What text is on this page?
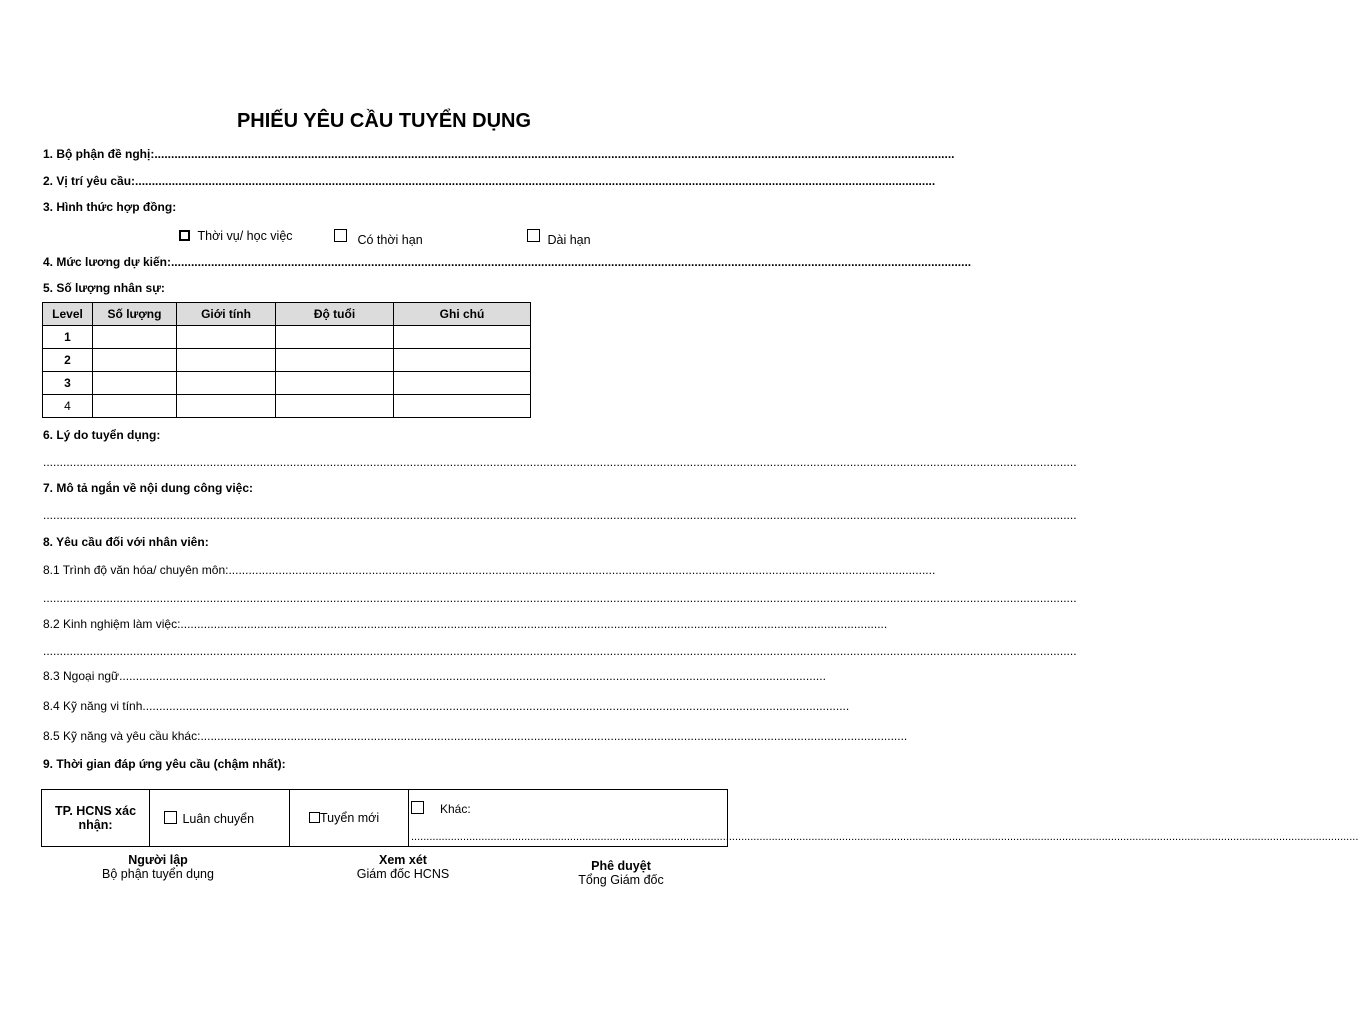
PHIẾU YÊU CẦU TUYỂN DỤNG
1. Bộ phận đề nghị:................................................................................................................................................................................................................................................
2. Vị trí yêu cầu:................................................................................................................................................................................................................................................
3. Hình thức hợp đồng:
Thời vụ/ học việc	Có thời hạn	Dài hạn
4. Mức lương dự kiến:................................................................................................................................................................................................................................................
5. Số lượng nhân sự:
Level	Số lượng	Giới tính	Độ tuổi	Ghi chú
1				
2				
3				
4				
6. Lý do tuyển dụng:
.....
7. Mô tả ngắn về nội dung công việc:
.....
8. Yêu cầu đối với nhân viên:
8.1 Trình độ văn hóa/ chuyên môn:....................................................................................................................................................................................................................
.....
8.2 Kinh nghiệm làm việc:....................................................................................................................................................................................................................
.....
8.3 Ngoại ngữ....................................................................................................................................................................................................................
8.4 Kỹ năng vi tính....................................................................................................................................................................................................................
8.5 Kỹ năng và yêu cầu khác:....................................................................................................................................................................................................................
9. Thời gian đáp ứng yêu cầu (chậm nhất):
TP. HCNS xác nhận:	Luân chuyển	Tuyển mới	
Khác:
.....
Người lập
Bộ phận tuyển dụng
Xem xét
Giám đốc HCNS
Phê duyệt
Tổng Giám đốc
